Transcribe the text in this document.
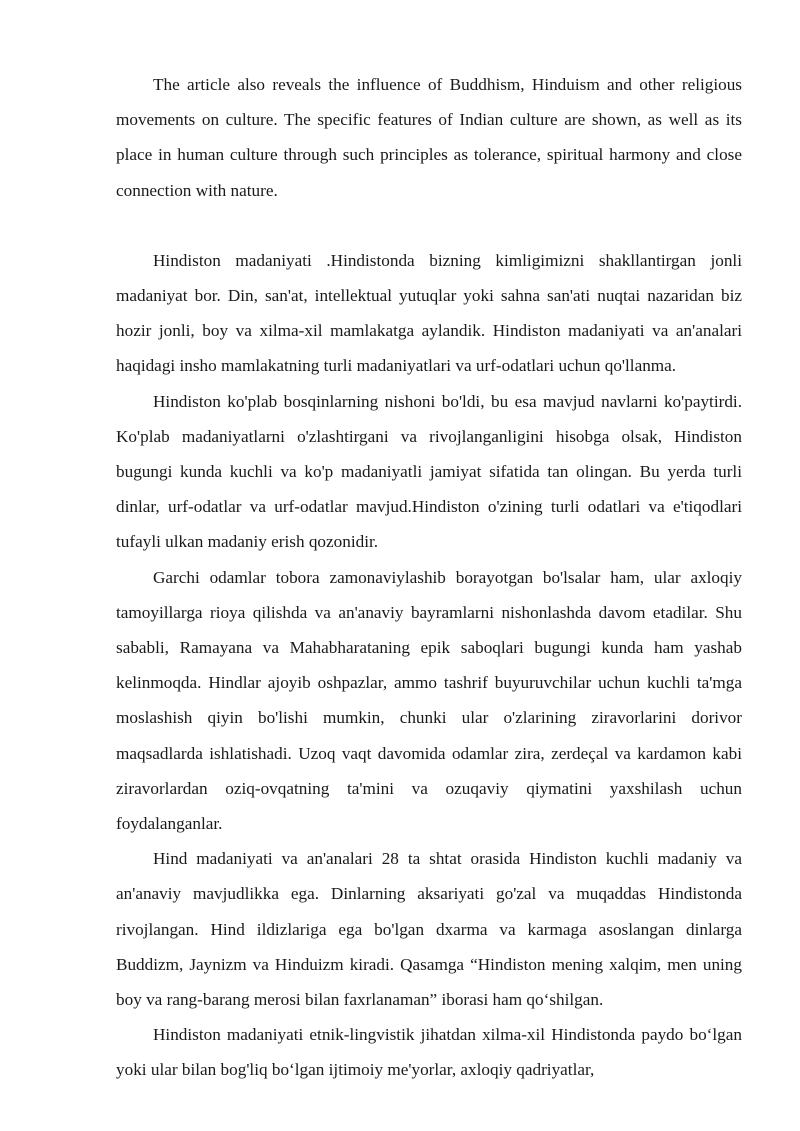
The article also reveals the influence of Buddhism, Hinduism and other religious movements on culture. The specific features of Indian culture are shown, as well as its place in human culture through such principles as tolerance, spiritual harmony and close connection with nature.

Hindiston madaniyati .Hindistonda bizning kimligimizni shakllantirgan jonli madaniyat bor. Din, san'at, intellektual yutuqlar yoki sahna san'ati nuqtai nazaridan biz hozir jonli, boy va xilma-xil mamlakatga aylandik. Hindiston madaniyati va an'analari haqidagi insho mamlakatning turli madaniyatlari va urf-odatlari uchun qo'llanma.

Hindiston ko'plab bosqinlarning nishoni bo'ldi, bu esa mavjud navlarni ko'paytirdi. Ko'plab madaniyatlarni o'zlashtirgani va rivojlanganligini hisobga olsak, Hindiston bugungi kunda kuchli va ko'p madaniyatli jamiyat sifatida tan olingan. Bu yerda turli dinlar, urf-odatlar va urf-odatlar mavjud.Hindiston o'zining turli odatlari va e'tiqodlari tufayli ulkan madaniy erish qozonidir.

Garchi odamlar tobora zamonaviylashib borayotgan bo'lsalar ham, ular axloqiy tamoyillarga rioya qilishda va an'anaviy bayramlarni nishonlashda davom etadilar. Shu sababli, Ramayana va Mahabharataning epik saboqlari bugungi kunda ham yashab kelinmoqda. Hindlar ajoyib oshpazlar, ammo tashrif buyuruvchilar uchun kuchli ta'mga moslashish qiyin bo'lishi mumkin, chunki ular o'zlarining ziravorlarini dorivor maqsadlarda ishlatishadi. Uzoq vaqt davomida odamlar zira, zerdeçal va kardamon kabi ziravorlardan oziq-ovqatning ta'mini va ozuqaviy qiymatini yaxshilash uchun foydalanganlar.

Hind madaniyati va an'analari 28 ta shtat orasida Hindiston kuchli madaniy va an'anaviy mavjudlikka ega. Dinlarning aksariyati go'zal va muqaddas Hindistonda rivojlangan. Hind ildizlariga ega bo'lgan dxarma va karmaga asoslangan dinlarga Buddizm, Jaynizm va Hinduizm kiradi. Qasamga “Hindiston mening xalqim, men uning boy va rang-barang merosi bilan faxrlanaman” iborasi ham qo‘shilgan.

Hindiston madaniyati etnik-lingvistik jihatdan xilma-xil Hindistonda paydo bo‘lgan yoki ular bilan bog'liq bo‘lgan ijtimoiy me'yorlar, axloqiy qadriyatlar,
